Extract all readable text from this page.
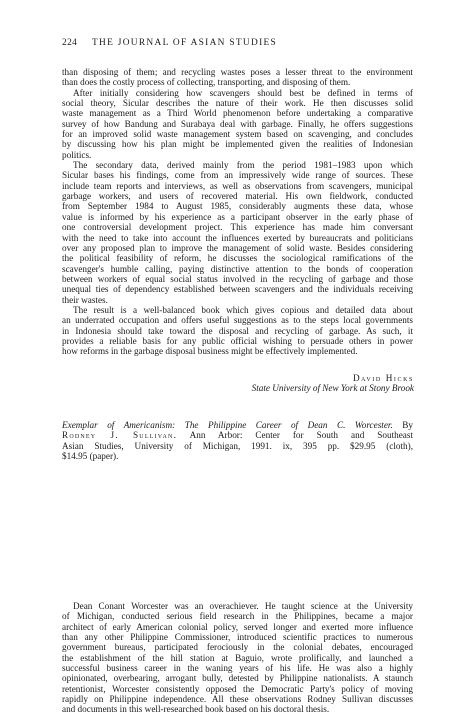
224 THE JOURNAL OF ASIAN STUDIES
than disposing of them; and recycling wastes poses a lesser threat to the environment
than does the costly process of collecting, transporting, and disposing of them.
After initially considering how scavengers should best be defined in terms of
social theory, Sicular describes the nature of their work. He then discusses solid
waste management as a Third World phenomenon before undertaking a comparative
survey of how Bandung and Surabaya deal with garbage. Finally, he offers suggestions
for an improved solid waste management system based on scavenging, and concludes
by discussing how his plan might be implemented given the realities of Indonesian
politics.
The secondary data, derived mainly from the period 1981–1983 upon which
Sicular bases his findings, come from an impressively wide range of sources. These
include team reports and interviews, as well as observations from scavengers, municipal
garbage workers, and users of recovered material. His own fieldwork, conducted
from September 1984 to August 1985, considerably augments these data, whose
value is informed by his experience as a participant observer in the early phase of
one controversial development project. This experience has made him conversant
with the need to take into account the influences exerted by bureaucrats and politicians
over any proposed plan to improve the management of solid waste. Besides considering
the political feasibility of reform, he discusses the sociological ramifications of the
scavenger's humble calling, paying distinctive attention to the bonds of cooperation
between workers of equal social status involved in the recycling of garbage and those
unequal ties of dependency established between scavengers and the individuals receiving
their wastes.
The result is a well-balanced book which gives copious and detailed data about
an underrated occupation and offers useful suggestions as to the steps local governments
in Indonesia should take toward the disposal and recycling of garbage. As such, it
provides a reliable basis for any public official wishing to persuade others in power
how reforms in the garbage disposal business might be effectively implemented.
David Hicks
State University of New York at Stony Brook
Exemplar of Americanism: The Philippine Career of Dean C. Worcester. By
Rodney J. Sullivan. Ann Arbor: Center for South and Southeast
Asian Studies, University of Michigan, 1991. ix, 395 pp. $29.95 (cloth),
$14.95 (paper).
Dean Conant Worcester was an overachiever. He taught science at the University
of Michigan, conducted serious field research in the Philippines, became a major
architect of early American colonial policy, served longer and exerted more influence
than any other Philippine Commissioner, introduced scientific practices to numerous
government bureaus, participated ferociously in the colonial debates, encouraged
the establishment of the hill station at Baguio, wrote prolifically, and launched a
successful business career in the waning years of his life. He was also a highly
opinionated, overbearing, arrogant bully, detested by Philippine nationalists. A staunch
retentionist, Worcester consistently opposed the Democratic Party's policy of moving
rapidly on Philippine independence. All these observations Rodney Sullivan discusses
and documents in this well-researched book based on his doctoral thesis.
